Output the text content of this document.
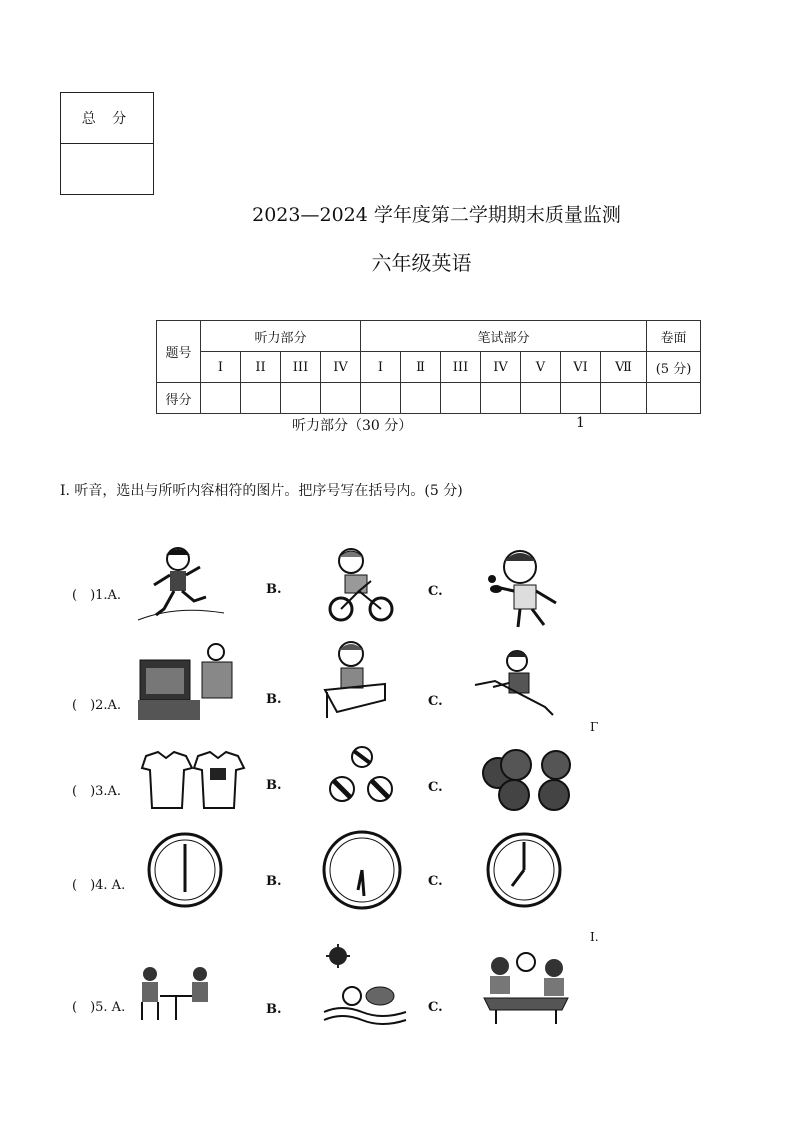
总 分
2023—2024 学年度第二学期期末质量监测
六年级英语
题号	听力部分				笔试部分							卷面
	I	II	III	IV	I	Ⅱ	III	IV	V	VI	Ⅶ	(5 分)
得分												
听力部分（30 分）	1
I. 听音，选出与所听内容相符的图片。把序号写在括号内。(5 分)
(　)1.A.	B.	C.
(　)2.A.	B.	C.
Γ
(　)3.A.	B.	C.
(　)4. A.	B.	C.
I.
(　)5. A.	B.	C.
